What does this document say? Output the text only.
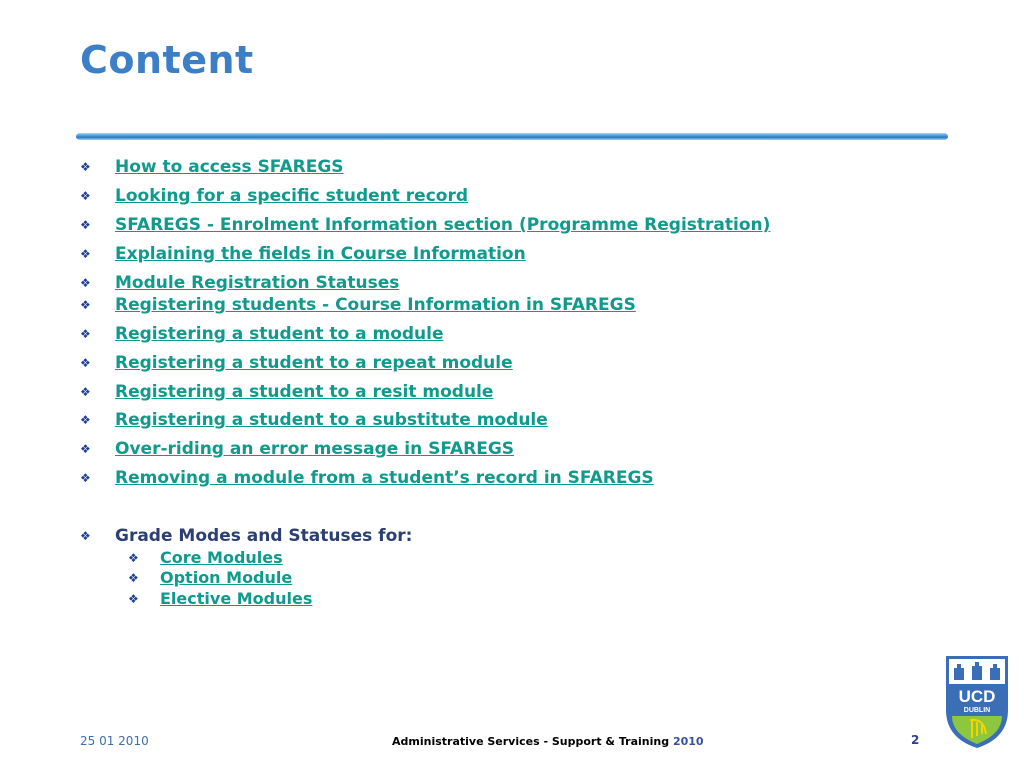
Content
❖ How to access SFAREGS
❖ Looking for a specific student record
❖ SFAREGS - Enrolment Information section (Programme Registration)
❖ Explaining the fields in Course Information
❖ Module Registration Statuses
❖ Registering students - Course Information in SFAREGS
❖ Registering a student to a module
❖ Registering a student to a repeat module
❖ Registering a student to a resit module
❖ Registering a student to a substitute module
❖ Over-riding an error message in SFAREGS
❖ Removing a module from a student’s record in SFAREGS
❖ Grade Modes and Statuses for:
❖ Core Modules
❖ Option Module
❖ Elective Modules
25 01 2010	Administrative Services - Support & Training 2010	2
UCD
DUBLIN
